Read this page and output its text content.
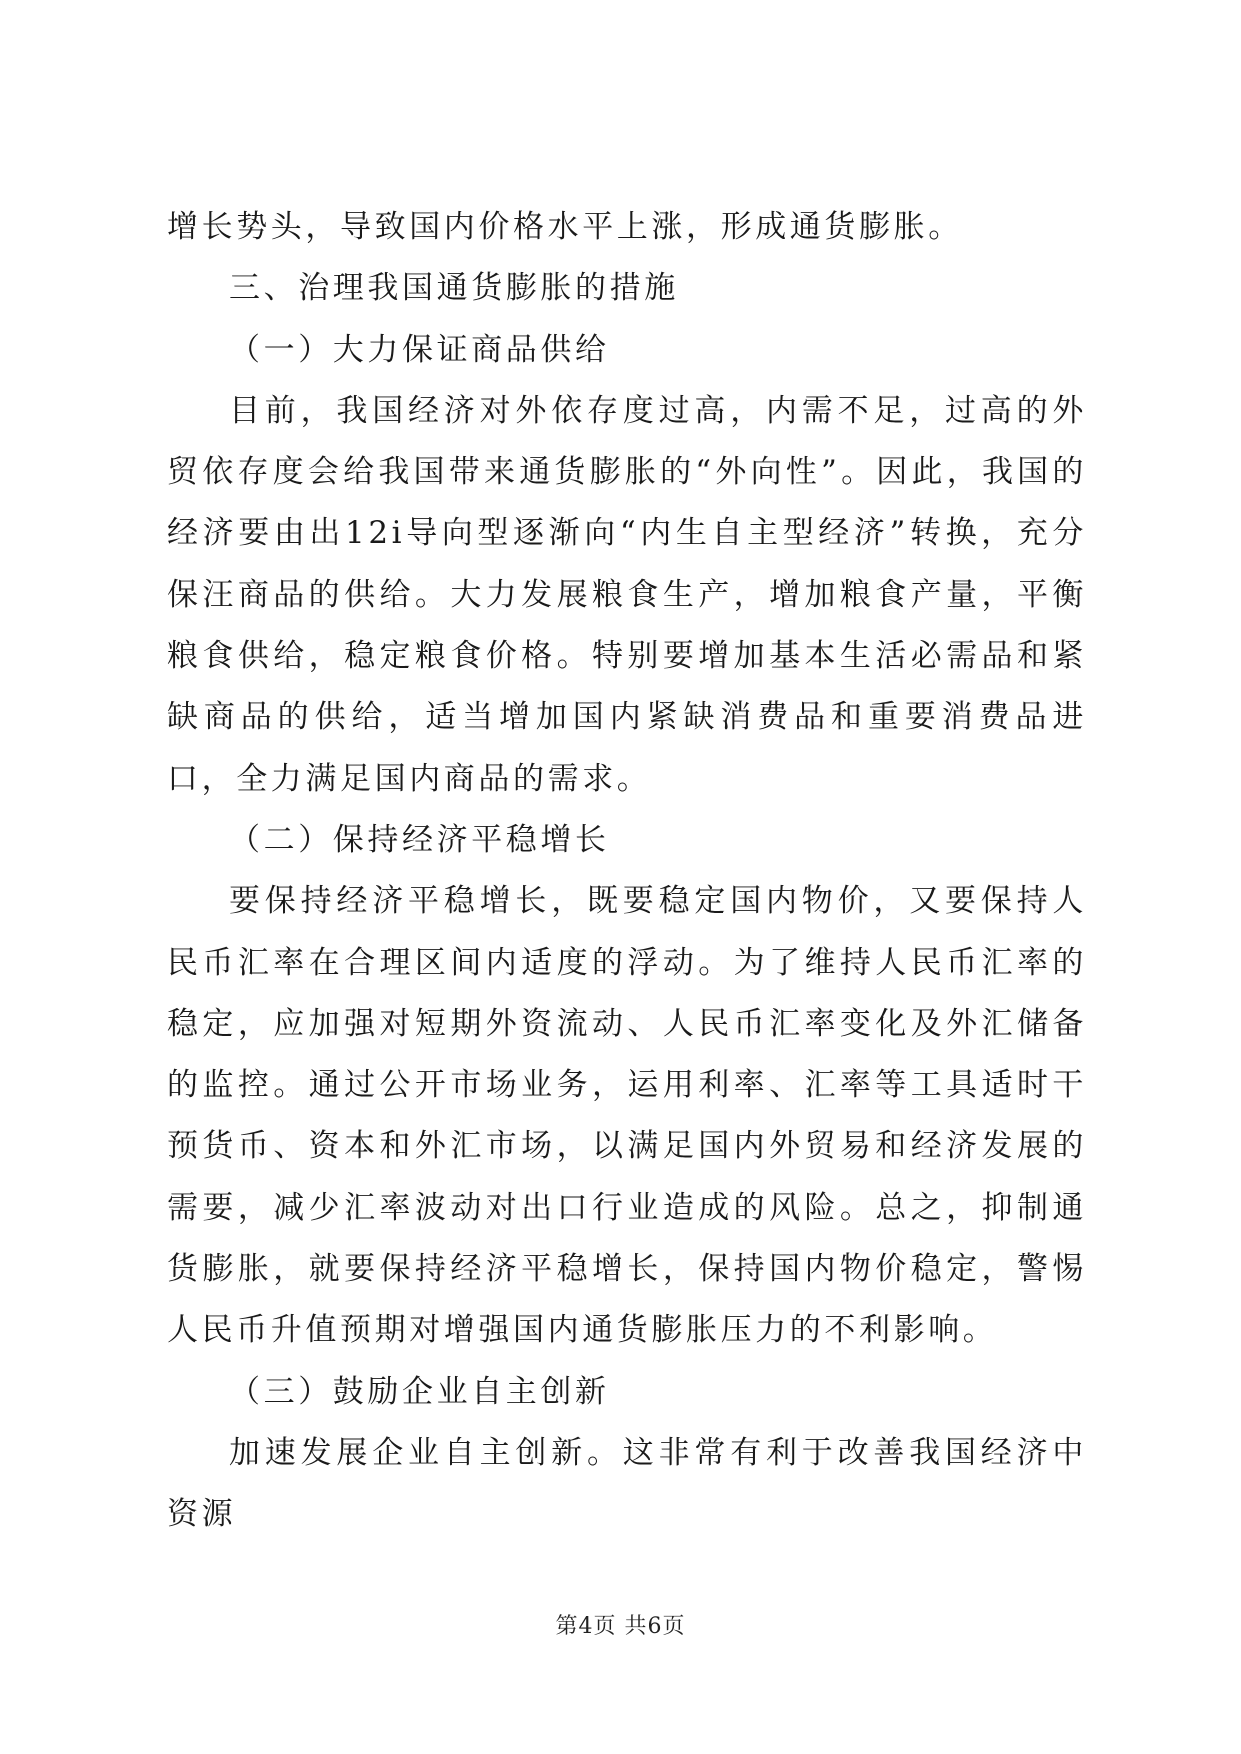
增长势头，导致国内价格水平上涨，形成通货膨胀。

三、治理我国通货膨胀的措施

（一）大力保证商品供给

目前，我国经济对外依存度过高，内需不足，过高的外贸依存度会给我国带来通货膨胀的“外向性”。因此，我国的经济要由出12i导向型逐渐向“内生自主型经济”转换，充分保汪商品的供给。大力发展粮食生产，增加粮食产量，平衡粮食供给，稳定粮食价格。特别要增加基本生活必需品和紧缺商品的供给，适当增加国内紧缺消费品和重要消费品进口，全力满足国内商品的需求。

（二）保持经济平稳增长

要保持经济平稳增长，既要稳定国内物价，又要保持人民币汇率在合理区间内适度的浮动。为了维持人民币汇率的稳定，应加强对短期外资流动、人民币汇率变化及外汇储备的监控。通过公开市场业务，运用利率、汇率等工具适时干预货币、资本和外汇市场，以满足国内外贸易和经济发展的需要，减少汇率波动对出口行业造成的风险。总之，抑制通货膨胀，就要保持经济平稳增长，保持国内物价稳定，警惕人民币升值预期对增强国内通货膨胀压力的不利影响。

（三）鼓励企业自主创新

加速发展企业自主创新。这非常有利于改善我国经济中资源

第4页 共6页
